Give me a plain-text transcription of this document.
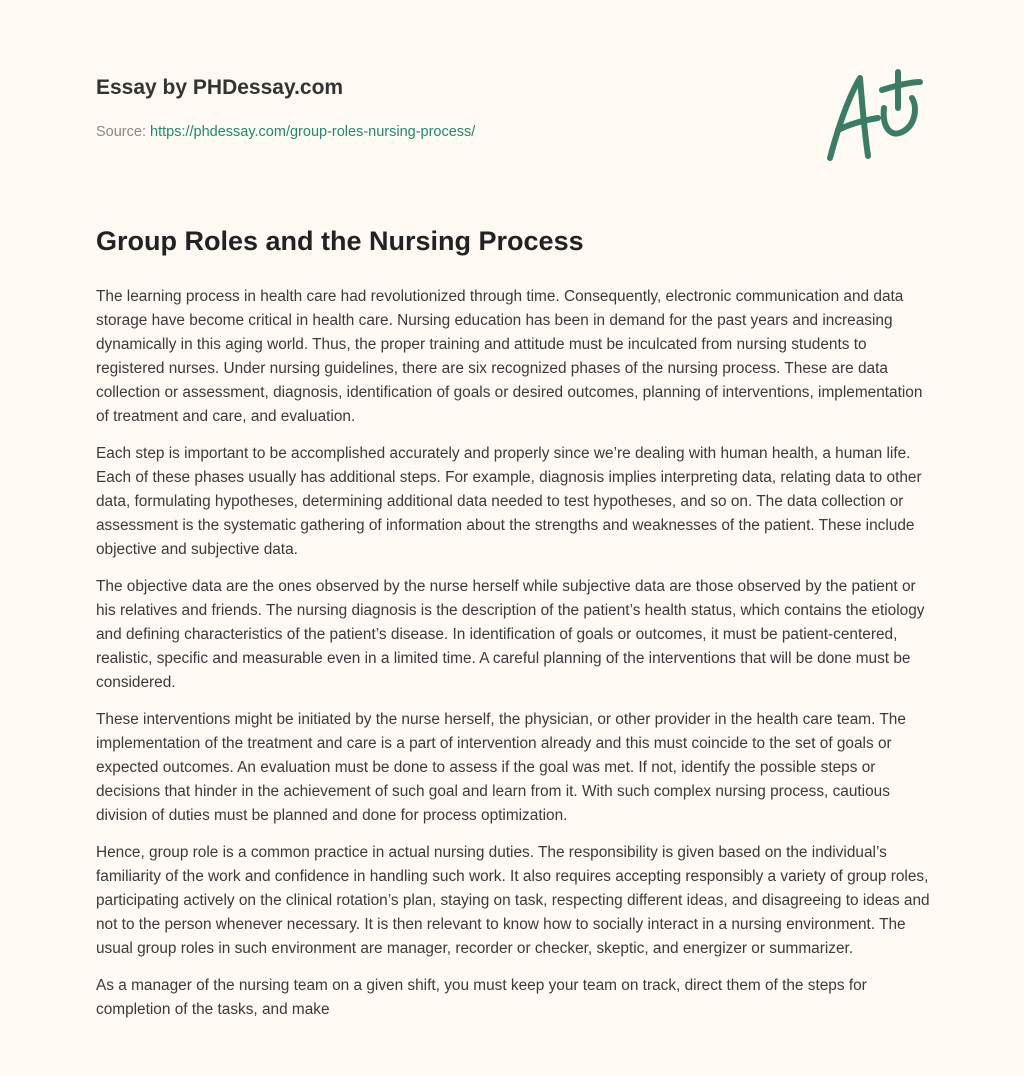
Essay by PHDessay.com
Source: https://phdessay.com/group-roles-nursing-process/
Group Roles and the Nursing Process

The learning process in health care had revolutionized through time. Consequently, electronic communication and data storage have become critical in health care. Nursing education has been in demand for the past years and increasing dynamically in this aging world. Thus, the proper training and attitude must be inculcated from nursing students to registered nurses. Under nursing guidelines, there are six recognized phases of the nursing process. These are data collection or assessment, diagnosis, identification of goals or desired outcomes, planning of interventions, implementation of treatment and care, and evaluation.

Each step is important to be accomplished accurately and properly since we’re dealing with human health, a human life. Each of these phases usually has additional steps. For example, diagnosis implies interpreting data, relating data to other data, formulating hypotheses, determining additional data needed to test hypotheses, and so on. The data collection or assessment is the systematic gathering of information about the strengths and weaknesses of the patient. These include objective and subjective data.

The objective data are the ones observed by the nurse herself while subjective data are those observed by the patient or his relatives and friends. The nursing diagnosis is the description of the patient’s health status, which contains the etiology and defining characteristics of the patient’s disease. In identification of goals or outcomes, it must be patient-centered, realistic, specific and measurable even in a limited time. A careful planning of the interventions that will be done must be considered.

These interventions might be initiated by the nurse herself, the physician, or other provider in the health care team. The implementation of the treatment and care is a part of intervention already and this must coincide to the set of goals or expected outcomes. An evaluation must be done to assess if the goal was met. If not, identify the possible steps or decisions that hinder in the achievement of such goal and learn from it. With such complex nursing process, cautious division of duties must be planned and done for process optimization.

Hence, group role is a common practice in actual nursing duties. The responsibility is given based on the individual’s familiarity of the work and confidence in handling such work. It also requires accepting responsibly a variety of group roles, participating actively on the clinical rotation’s plan, staying on task, respecting different ideas, and disagreeing to ideas and not to the person whenever necessary. It is then relevant to know how to socially interact in a nursing environment. The usual group roles in such environment are manager, recorder or checker, skeptic, and energizer or summarizer.

As a manager of the nursing team on a given shift, you must keep your team on track, direct them of the steps for completion of the tasks, and make
